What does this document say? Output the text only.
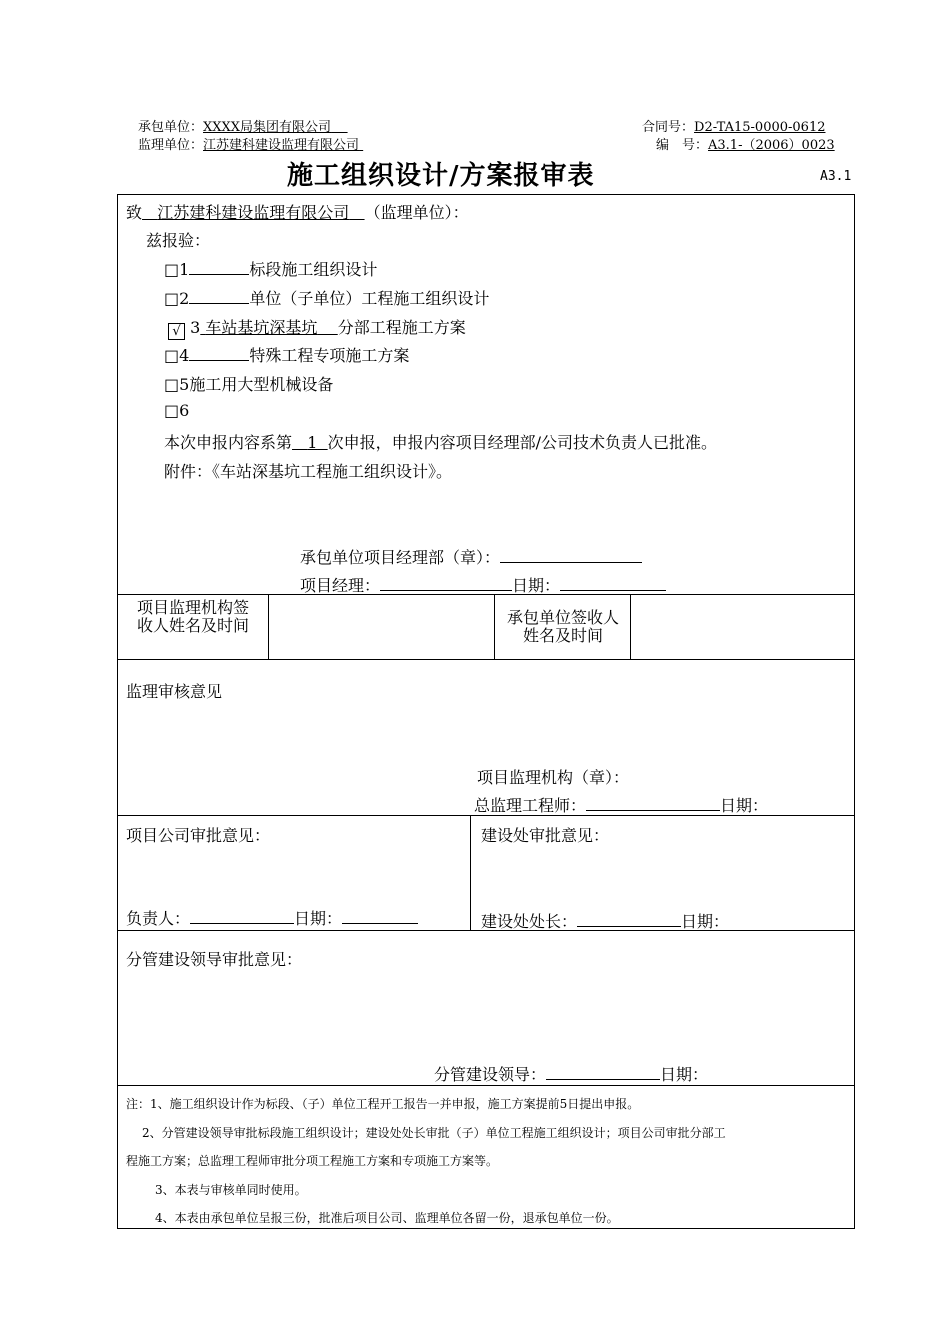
承包单位：XXXX局集团有限公司	合同号：D2-TA15-0000-0612
监理单位：江苏建科建设监理有限公司	编　号：A3.1-（2006）0023
施工组织设计/方案报审表	A3.1
致 江苏建科建设监理有限公司 （监理单位）：
兹报验：
□1	标段施工组织设计
□2	单位（子单位）工程施工组织设计
√ 3 车站基坑深基坑 分部工程施工方案
□4	特殊工程专项施工方案
□5施工用大型机械设备
□6
本次申报内容系第 1 次申报，申报内容项目经理部/公司技术负责人已批准。
附件：《车站深基坑工程施工组织设计》。
承包单位项目经理部（章）：
项目经理：	日期：
项目监理机构签收人姓名及时间	承包单位签收人姓名及时间
监理审核意见
项目监理机构（章）：
总监理工程师：	日期：
项目公司审批意见：
负责人：	日期：
建设处审批意见：
建设处处长：	日期：
分管建设领导审批意见：
分管建设领导：	日期：
注：1、施工组织设计作为标段、（子）单位工程开工报告一并申报，施工方案提前5日提出申报。
2、分管建设领导审批标段施工组织设计；建设处处长审批（子）单位工程施工组织设计；项目公司审批分部工
程施工方案；总监理工程师审批分项工程施工方案和专项施工方案等。
3、本表与审核单同时使用。
4、本表由承包单位呈报三份，批准后项目公司、监理单位各留一份，退承包单位一份。
